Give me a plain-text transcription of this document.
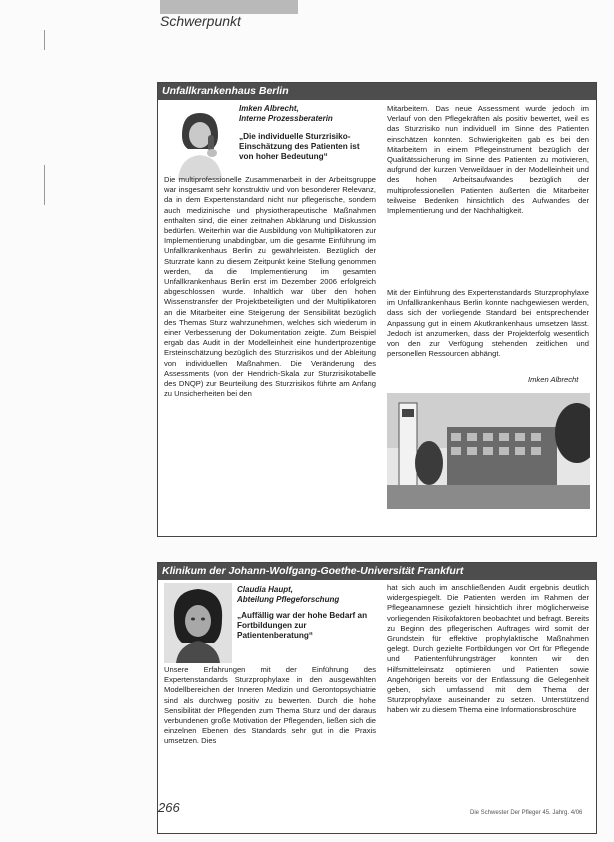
Schwerpunkt
Unfallkrankenhaus Berlin
Imken Albrecht,
Interne Prozessberaterin
„Die individuelle Sturzrisiko-Einschätzung des Patienten ist von hoher Bedeutung“
Die multiprofessionelle Zusammenarbeit in der Arbeitsgruppe war insgesamt sehr konstruktiv und von besonderer Relevanz, da in dem Expertenstandard nicht nur pflegerische, sondern auch medizinische und physiotherapeutische Maßnahmen enthalten sind, die einer zeitnahen Abklärung und Diskussion bedürfen. Weiterhin war die Ausbildung von Multiplikatoren zur Implementierung unabdingbar, um die gesamte Einführung im Unfallkrankenhaus Berlin zu gewährleisten. Bezüglich der Sturzrate kann zu diesem Zeitpunkt keine Stellung genommen werden, da die Implementierung im gesamten Unfallkrankenhaus Berlin erst im Dezember 2006 erfolgreich abgeschlossen wurde. Inhaltlich war über den hohen Wissenstransfer der Projektbeteiligten und der Multiplikatoren an die Mitarbeiter eine Steigerung der Sensibilität bezüglich des Themas Sturz wahrzunehmen, welches sich wiederum in einer Verbesserung der Dokumentation zeigte. Zum Beispiel ergab das Audit in der Modelleinheit eine hundertprozentige Ersteinschätzung bezüglich des Sturzrisikos und der Ableitung von individuellen Maßnahmen. Die Veränderung des Assessments (von der Hendrich-Skala zur Sturzrisikotabelle des DNQP) zur Beurteilung des Sturzrisikos führte am Anfang zu Unsicherheiten bei den
Mitarbeitern. Das neue Assessment wurde jedoch im Verlauf von den Pflegekräften als positiv bewertet, weil es das Sturzrisiko nun individuell im Sinne des Patienten einschätzen konnten. Schwierigkeiten gab es bei den Mitarbeitern in einem Pflegeinstrument bezüglich der Qualitätssicherung im Sinne des Patienten zu motivieren, aufgrund der kurzen Verweildauer in der Modelleinheit und des hohen Arbeitsaufwandes bezüglich der multiprofessionellen Patienten äußerten die Mitarbeiter teilweise Bedenken hinsichtlich des Aufwandes der Implementierung und der Nachhaltigkeit.
Mit der Einführung des Expertenstandards Sturzprophylaxe im Unfallkrankenhaus Berlin konnte nachgewiesen werden, dass sich der vorliegende Standard bei entsprechender Anpassung gut in einem Akutkrankenhaus umsetzen lässt. Jedoch ist anzumerken, dass der Projekterfolg wesentlich von den zur Verfügung stehenden zeitlichen und personellen Ressourcen abhängt.
Imken Albrecht
Klinikum der Johann-Wolfgang-Goethe-Universität Frankfurt
Claudia Haupt,
Abteilung Pflegeforschung
„Auffällig war der hohe Bedarf an Fortbildungen zur Patientenberatung“
Unsere Erfahrungen mit der Einführung des Expertenstandards Sturzprophylaxe in den ausgewählten Modellbereichen der Inneren Medizin und Gerontopsychiatrie sind als durchweg positiv zu bewerten. Durch die hohe Sensibilität der Pflegenden zum Thema Sturz und der daraus verbundenen große Motivation der Pflegenden, ließen sich die einzelnen Ebenen des Standards sehr gut in die Praxis umsetzen. Dies
hat sich auch im anschließenden Audit ergebnis deutlich widergespiegelt. Die Patienten werden im Rahmen der Pflegeanamnese gezielt hinsichtlich ihrer möglicherweise vorliegenden Risikofaktoren beobachtet und befragt. Bereits zu Beginn des pflegerischen Auftrages wird somit der Grundstein für effektive prophylaktische Maßnahmen gelegt. Durch gezielte Fortbildungen vor Ort für Pflegende und Patientenführungsträger konnten wir den Hilfsmitteleinsatz optimieren und Patienten sowie Angehörigen bereits vor der Entlassung die Gelegenheit geben, sich umfassend mit dem Thema der Sturzprophylaxe auseinander zu setzen. Unterstützend haben wir zu diesem Thema eine Informationsbroschüre
266	Die Schwester Der Pfleger 45. Jahrg. 4/06
